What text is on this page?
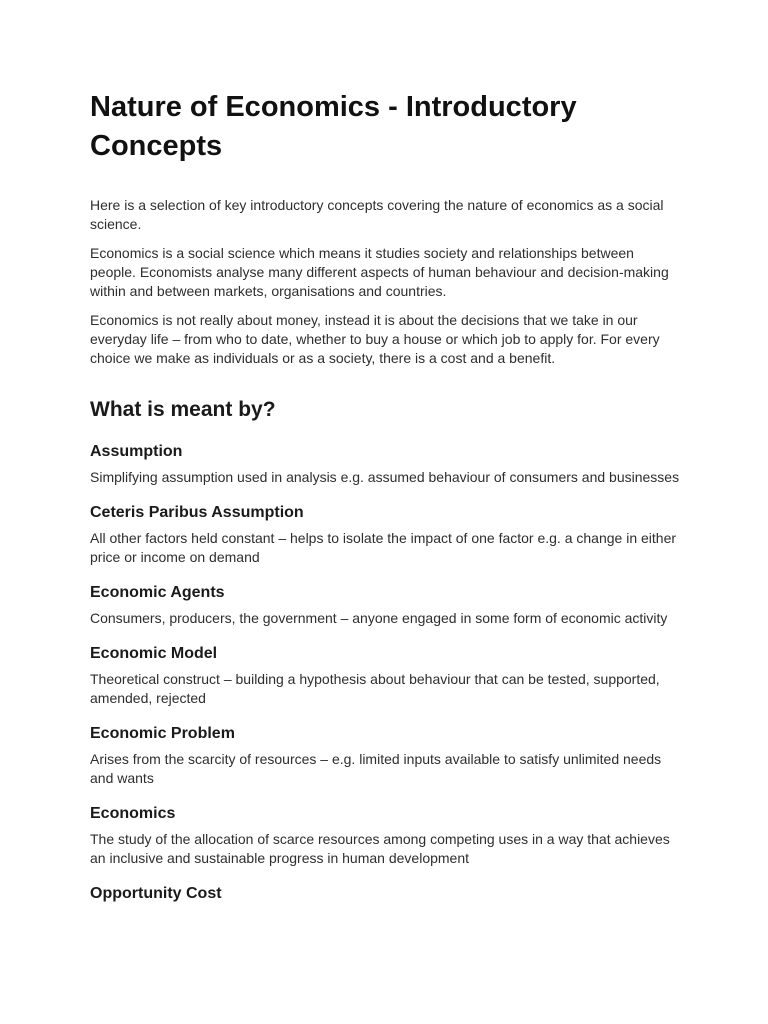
Nature of Economics - Introductory Concepts

Here is a selection of key introductory concepts covering the nature of economics as a social science.

Economics is a social science which means it studies society and relationships between people. Economists analyse many different aspects of human behaviour and decision-making within and between markets, organisations and countries.

Economics is not really about money, instead it is about the decisions that we take in our everyday life – from who to date, whether to buy a house or which job to apply for. For every choice we make as individuals or as a society, there is a cost and a benefit.

What is meant by?
Assumption

Simplifying assumption used in analysis e.g. assumed behaviour of consumers and businesses

Ceteris Paribus Assumption

All other factors held constant – helps to isolate the impact of one factor e.g. a change in either price or income on demand

Economic Agents

Consumers, producers, the government – anyone engaged in some form of economic activity

Economic Model

Theoretical construct – building a hypothesis about behaviour that can be tested, supported, amended, rejected

Economic Problem

Arises from the scarcity of resources – e.g. limited inputs available to satisfy unlimited needs and wants

Economics

The study of the allocation of scarce resources among competing uses in a way that achieves an inclusive and sustainable progress in human development

Opportunity Cost
